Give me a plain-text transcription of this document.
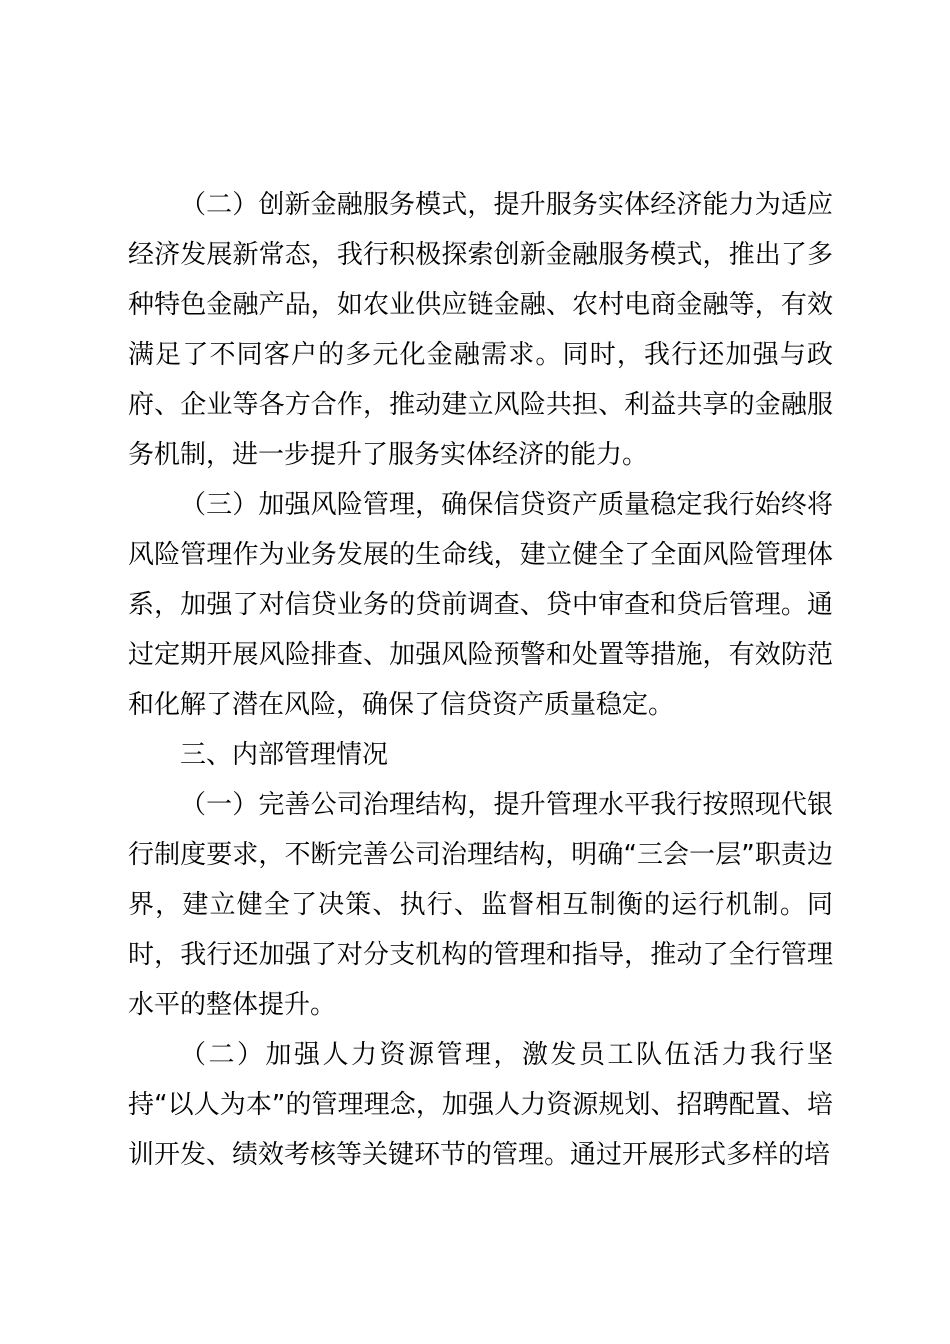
（二）创新金融服务模式，提升服务实体经济能力为适应经济发展新常态，我行积极探索创新金融服务模式，推出了多种特色金融产品，如农业供应链金融、农村电商金融等，有效满足了不同客户的多元化金融需求。同时，我行还加强与政府、企业等各方合作，推动建立风险共担、利益共享的金融服务机制，进一步提升了服务实体经济的能力。

（三）加强风险管理，确保信贷资产质量稳定我行始终将风险管理作为业务发展的生命线，建立健全了全面风险管理体系，加强了对信贷业务的贷前调查、贷中审查和贷后管理。通过定期开展风险排查、加强风险预警和处置等措施，有效防范和化解了潜在风险，确保了信贷资产质量稳定。

三、内部管理情况

（一）完善公司治理结构，提升管理水平我行按照现代银行制度要求，不断完善公司治理结构，明确“三会一层”职责边界，建立健全了决策、执行、监督相互制衡的运行机制。同时，我行还加强了对分支机构的管理和指导，推动了全行管理水平的整体提升。

（二）加强人力资源管理，激发员工队伍活力我行坚持“以人为本”的管理理念，加强人力资源规划、招聘配置、培训开发、绩效考核等关键环节的管理。通过开展形式多样的培
